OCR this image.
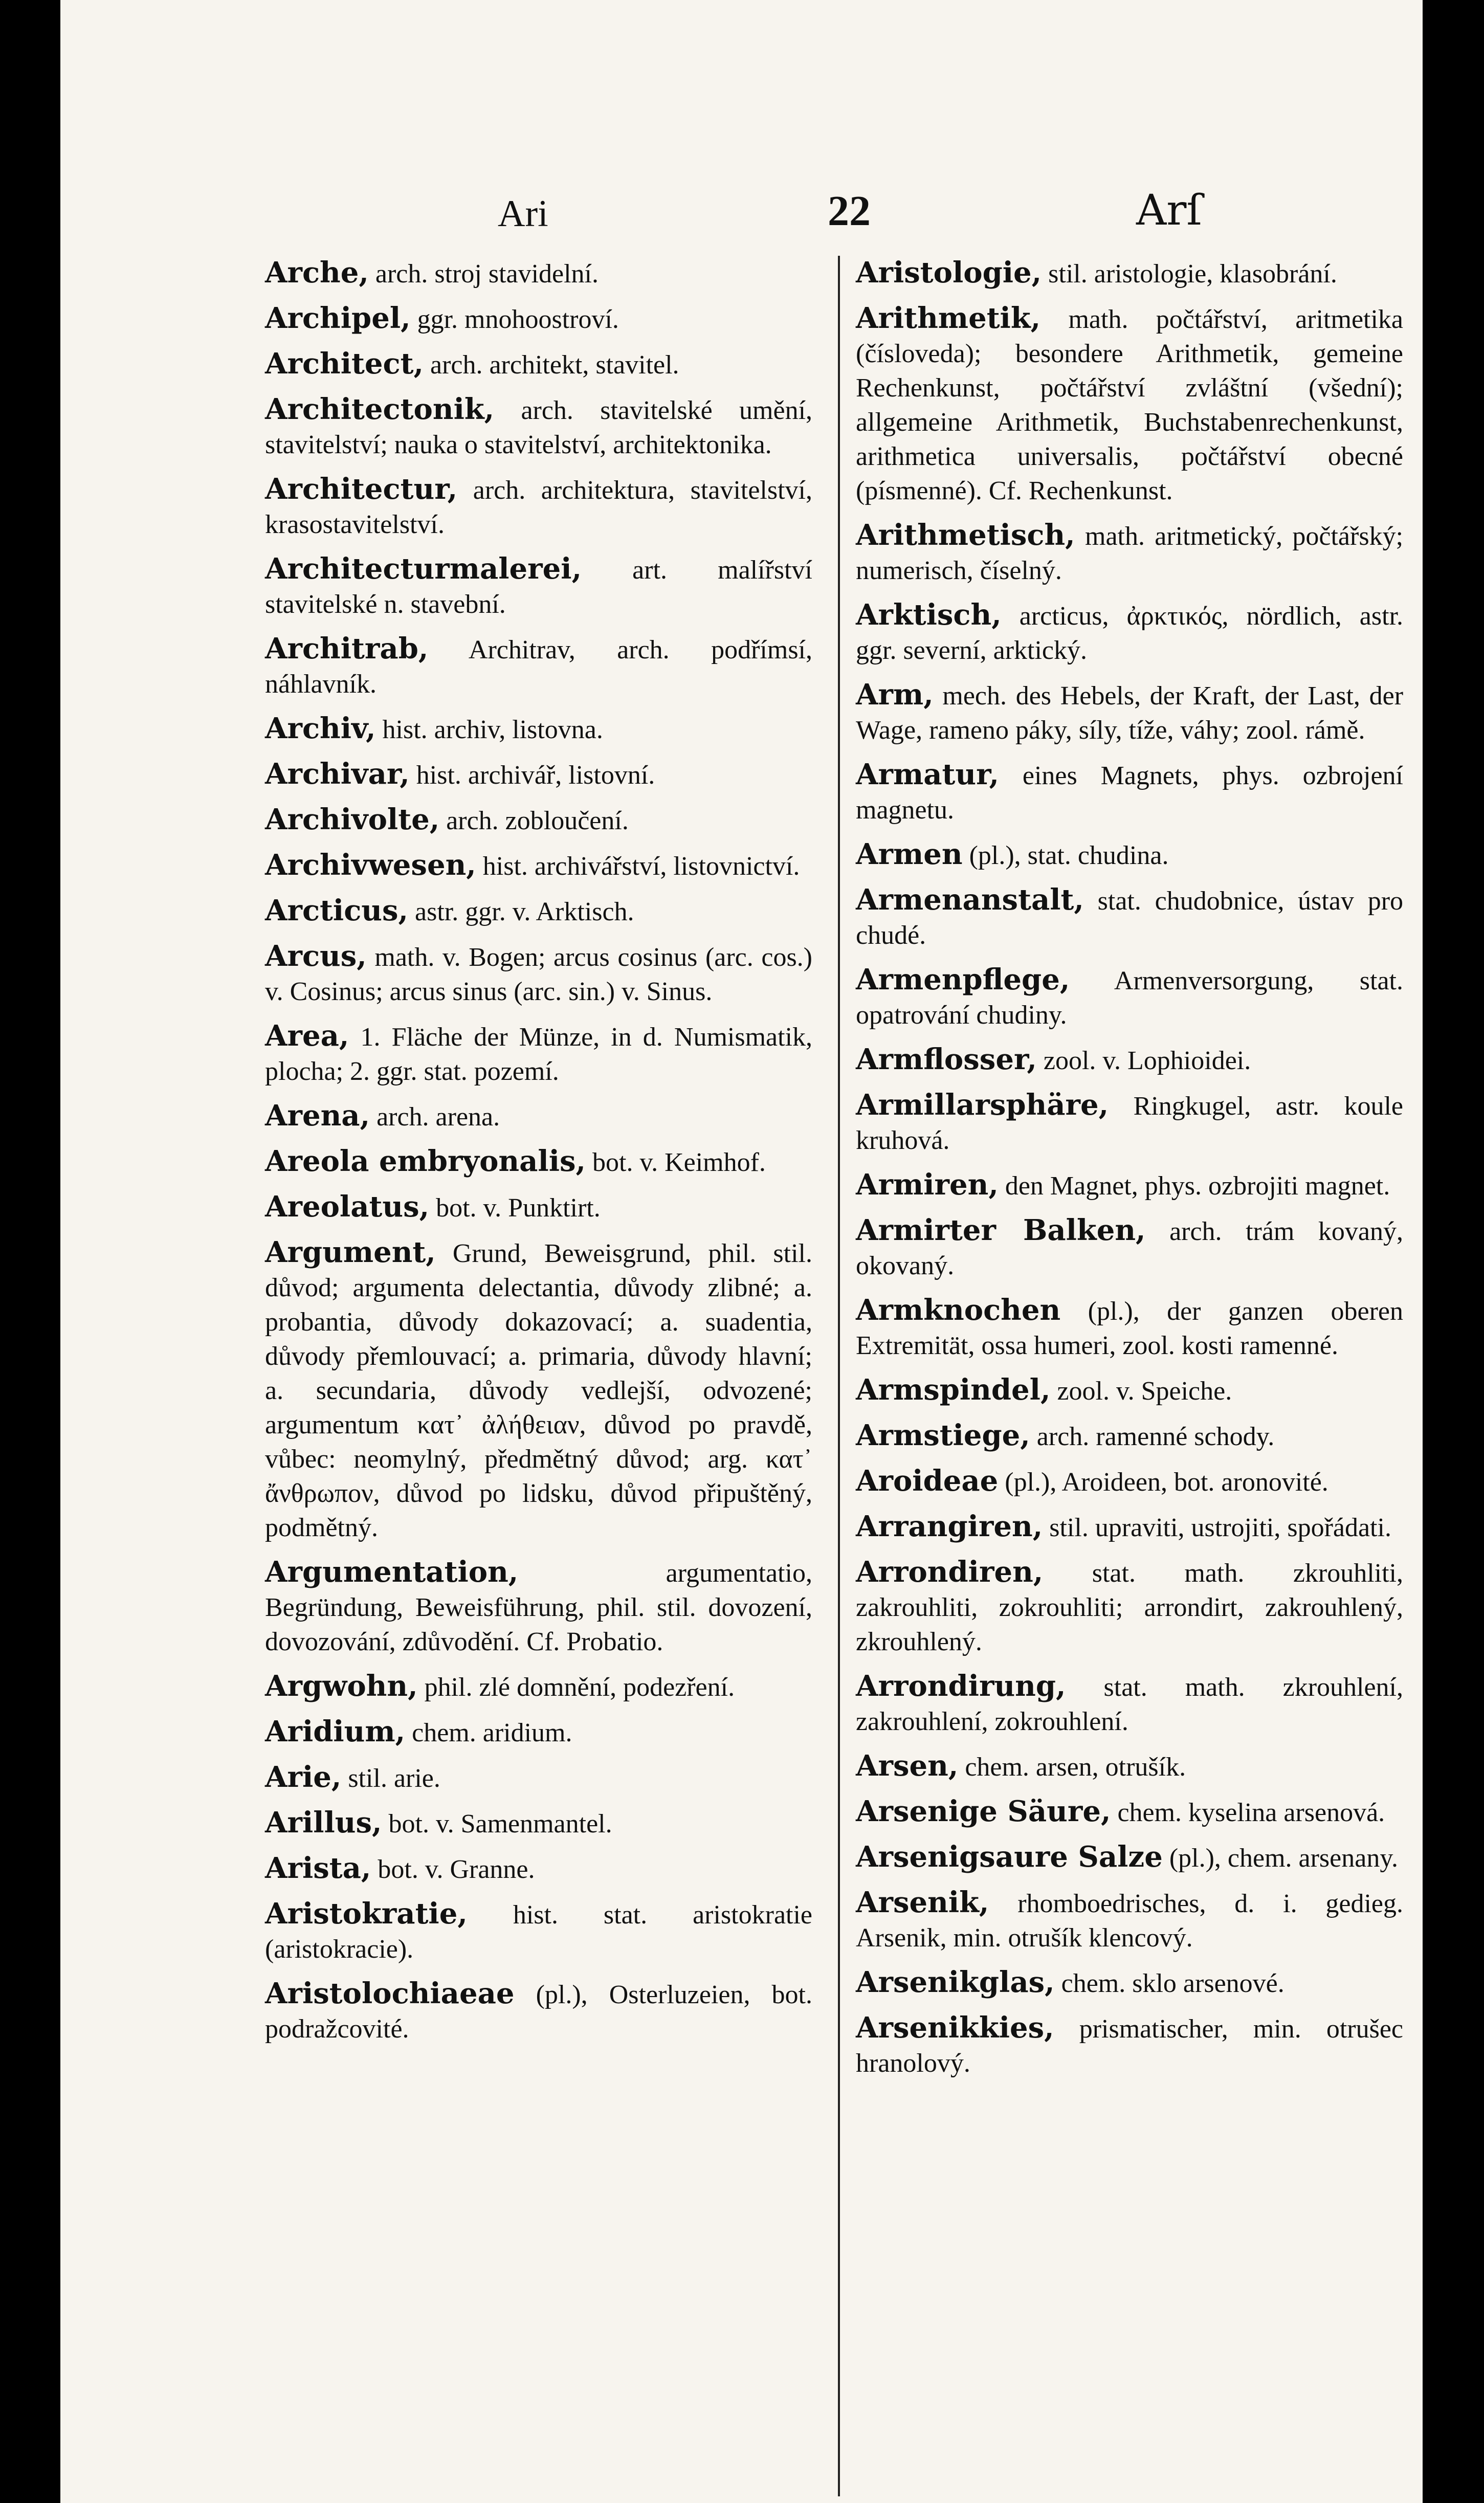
Ari	22	Arſ

Arche, arch. stroj stavidelní.

Archipel, ggr. mnohoostroví.

Architect, arch. architekt, stavitel.

Architectonik, arch. stavitelské umění, stavitelství; nauka o stavitelství, architektonika.

Architectur, arch. architektura, stavitelství, krasostavitelství.

Architecturmalerei, art. malířství stavitelské n. stavební.

Architrab, Architrav, arch. podřímsí, náhlavník.

Archiv, hist. archiv, listovna.

Archivar, hist. archivář, listovní.

Archivolte, arch. zobloučení.

Archivwesen, hist. archivářství, listovnictví.

Arcticus, astr. ggr. v. Arktisch.

Arcus, math. v. Bogen; arcus cosinus (arc. cos.) v. Cosinus; arcus sinus (arc. sin.) v. Sinus.

Area, 1. Fläche der Münze, in d. Numismatik, plocha; 2. ggr. stat. pozemí.

Arena, arch. arena.

Areola embryonalis, bot. v. Keimhof.

Areolatus, bot. v. Punktirt.

Argument, Grund, Beweisgrund, phil. stil. důvod; argumenta delectantia, důvody zlibné; a. probantia, důvody dokazovací; a. suadentia, důvody přemlouvací; a. primaria, důvody hlavní; a. secundaria, důvody vedlejší, odvozené; argumentum κατ᾽ ἀλήθειαν, důvod po pravdě, vůbec: neomylný, předmětný důvod; arg. κατ᾽ ἄνθρωπον, důvod po lidsku, důvod připuštěný, podmětný.

Argumentation,	argumentatio, Begründung, Beweisführung, phil. stil. dovození, dovozování, zdůvodění. Cf. Probatio.

Argwohn, phil. zlé domnění, podezření.

Aridium, chem. aridium.

Arie, stil. arie.

Arillus, bot. v. Samenmantel.

Arista, bot. v. Granne.

Aristokratie, hist. stat. aristokratie (aristokracie).

Aristolochiaeae (pl.), Osterluzeien, bot. podražcovité.

Aristologie, stil. aristologie, klasobrání.

Arithmetik, math. počtářství, aritmetika (čísloveda); besondere Arithmetik, gemeine Rechenkunst, počtářství zvláštní (všední); allgemeine Arithmetik, Buchstabenrechenkunst, arithmetica universalis, počtářství obecné (písmenné). Cf. Rechenkunst.

Arithmetisch, math. aritmetický, počtářský; numerisch, číselný.

Arktisch, arcticus, ἀρκτικός, nördlich, astr. ggr. severní, arktický.

Arm, mech. des Hebels, der Kraft, der Last, der Wage, rameno páky, síly, tíže, váhy; zool. rámě.

Armatur, eines Magnets, phys. ozbrojení magnetu.

Armen (pl.), stat. chudina.

Armenanstalt, stat. chudobnice, ústav pro chudé.

Armenpflege, Armenversorgung, stat. opatrování chudiny.

Armflosser, zool. v. Lophioidei.

Armillarsphäre, Ringkugel, astr. koule kruhová.

Armiren, den Magnet, phys. ozbrojiti magnet.

Armirter Balken, arch. trám kovaný, okovaný.

Armknochen (pl.), der ganzen oberen Extremität, ossa humeri, zool. kosti ramenné.

Armspindel, zool. v. Speiche.

Armstiege, arch. ramenné schody.

Aroideae (pl.), Aroideen, bot. aronovité.

Arrangiren, stil. upraviti, ustrojiti, spořádati.

Arrondiren, stat. math. zkrouhliti, zakrouhliti, zokrouhliti; arrondirt, zakrouhlený, zkrouhlený.

Arrondirung, stat. math. zkrouhlení, zakrouhlení, zokrouhlení.

Arsen, chem. arsen, otrušík.

Arsenige Säure, chem. kyselina arsenová.

Arsenigsaure Salze (pl.), chem. arsenany.

Arsenik, rhomboedrisches, d. i. gedieg. Arsenik, min. otrušík klencový.

Arsenikglas, chem. sklo arsenové.

Arsenikkies, prismatischer, min. otrušec hranolový.
